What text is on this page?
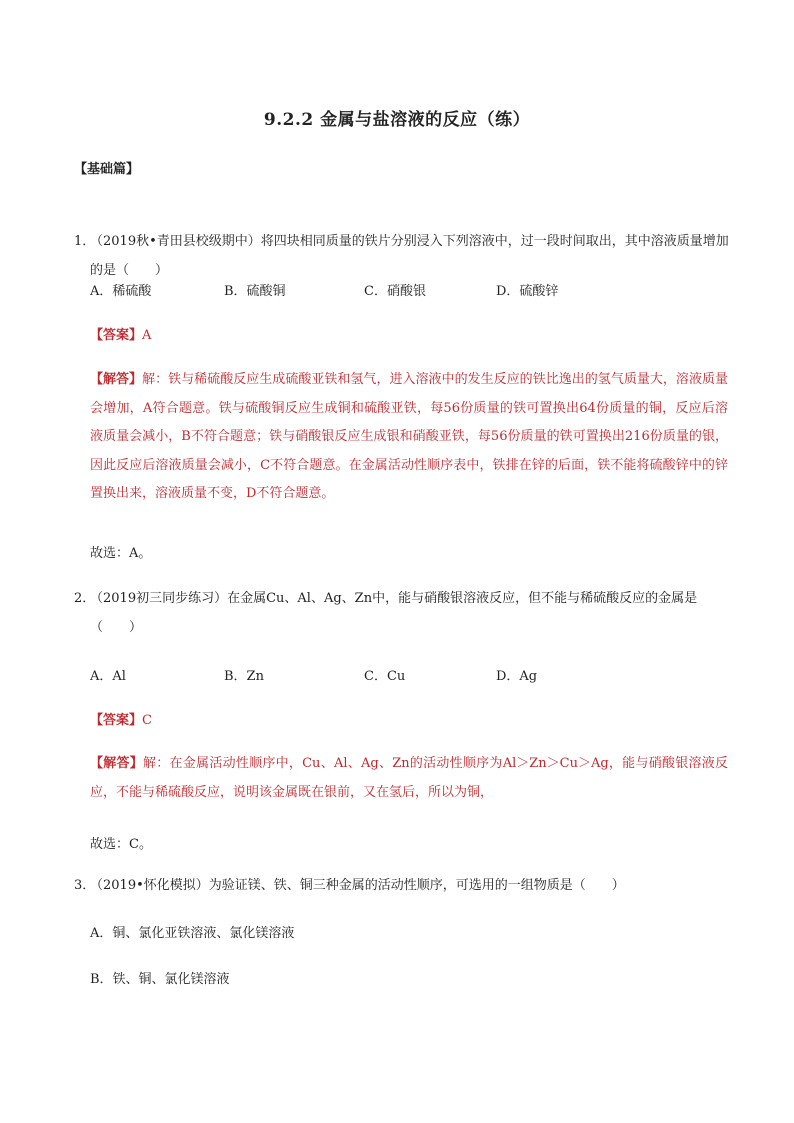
9.2.2 金属与盐溶液的反应（练）
【基础篇】
1．
（2019秋•青田县校级期中）将四块相同质量的铁片分别浸入下列溶液中，过一段时间取出，其中溶液质量增加的是（　　）
A．稀硫酸	B．硫酸铜	C．硝酸银	D．硫酸锌
【答案】A
【解答】解：铁与稀硫酸反应生成硫酸亚铁和氢气，进入溶液中的发生反应的铁比逸出的氢气质量大，溶液质量会增加，A符合题意。铁与硫酸铜反应生成铜和硫酸亚铁，每56份质量的铁可置换出64份质量的铜，反应后溶液质量会减小，B不符合题意；铁与硝酸银反应生成银和硝酸亚铁，每56份质量的铁可置换出216份质量的银，因此反应后溶液质量会减小，C不符合题意。在金属活动性顺序表中，铁排在锌的后面，铁不能将硫酸锌中的锌置换出来，溶液质量不变，D不符合题意。
故选：A。
2．
（2019初三同步练习）在金属Cu、Al、Ag、Zn中，能与硝酸银溶液反应，但不能与稀硫酸反应的金属是（　　）
A．Al	B．Zn	C．Cu	D．Ag
【答案】C
【解答】解：在金属活动性顺序中，Cu、Al、Ag、Zn的活动性顺序为Al＞Zn＞Cu＞Ag，能与硝酸银溶液反应，不能与稀硫酸反应，说明该金属既在银前，又在氢后，所以为铜，
故选：C。
3．
（2019•怀化模拟）为验证镁、铁、铜三种金属的活动性顺序，可选用的一组物质是（　　）
A．铜、氯化亚铁溶液、氯化镁溶液
B．铁、铜、氯化镁溶液
